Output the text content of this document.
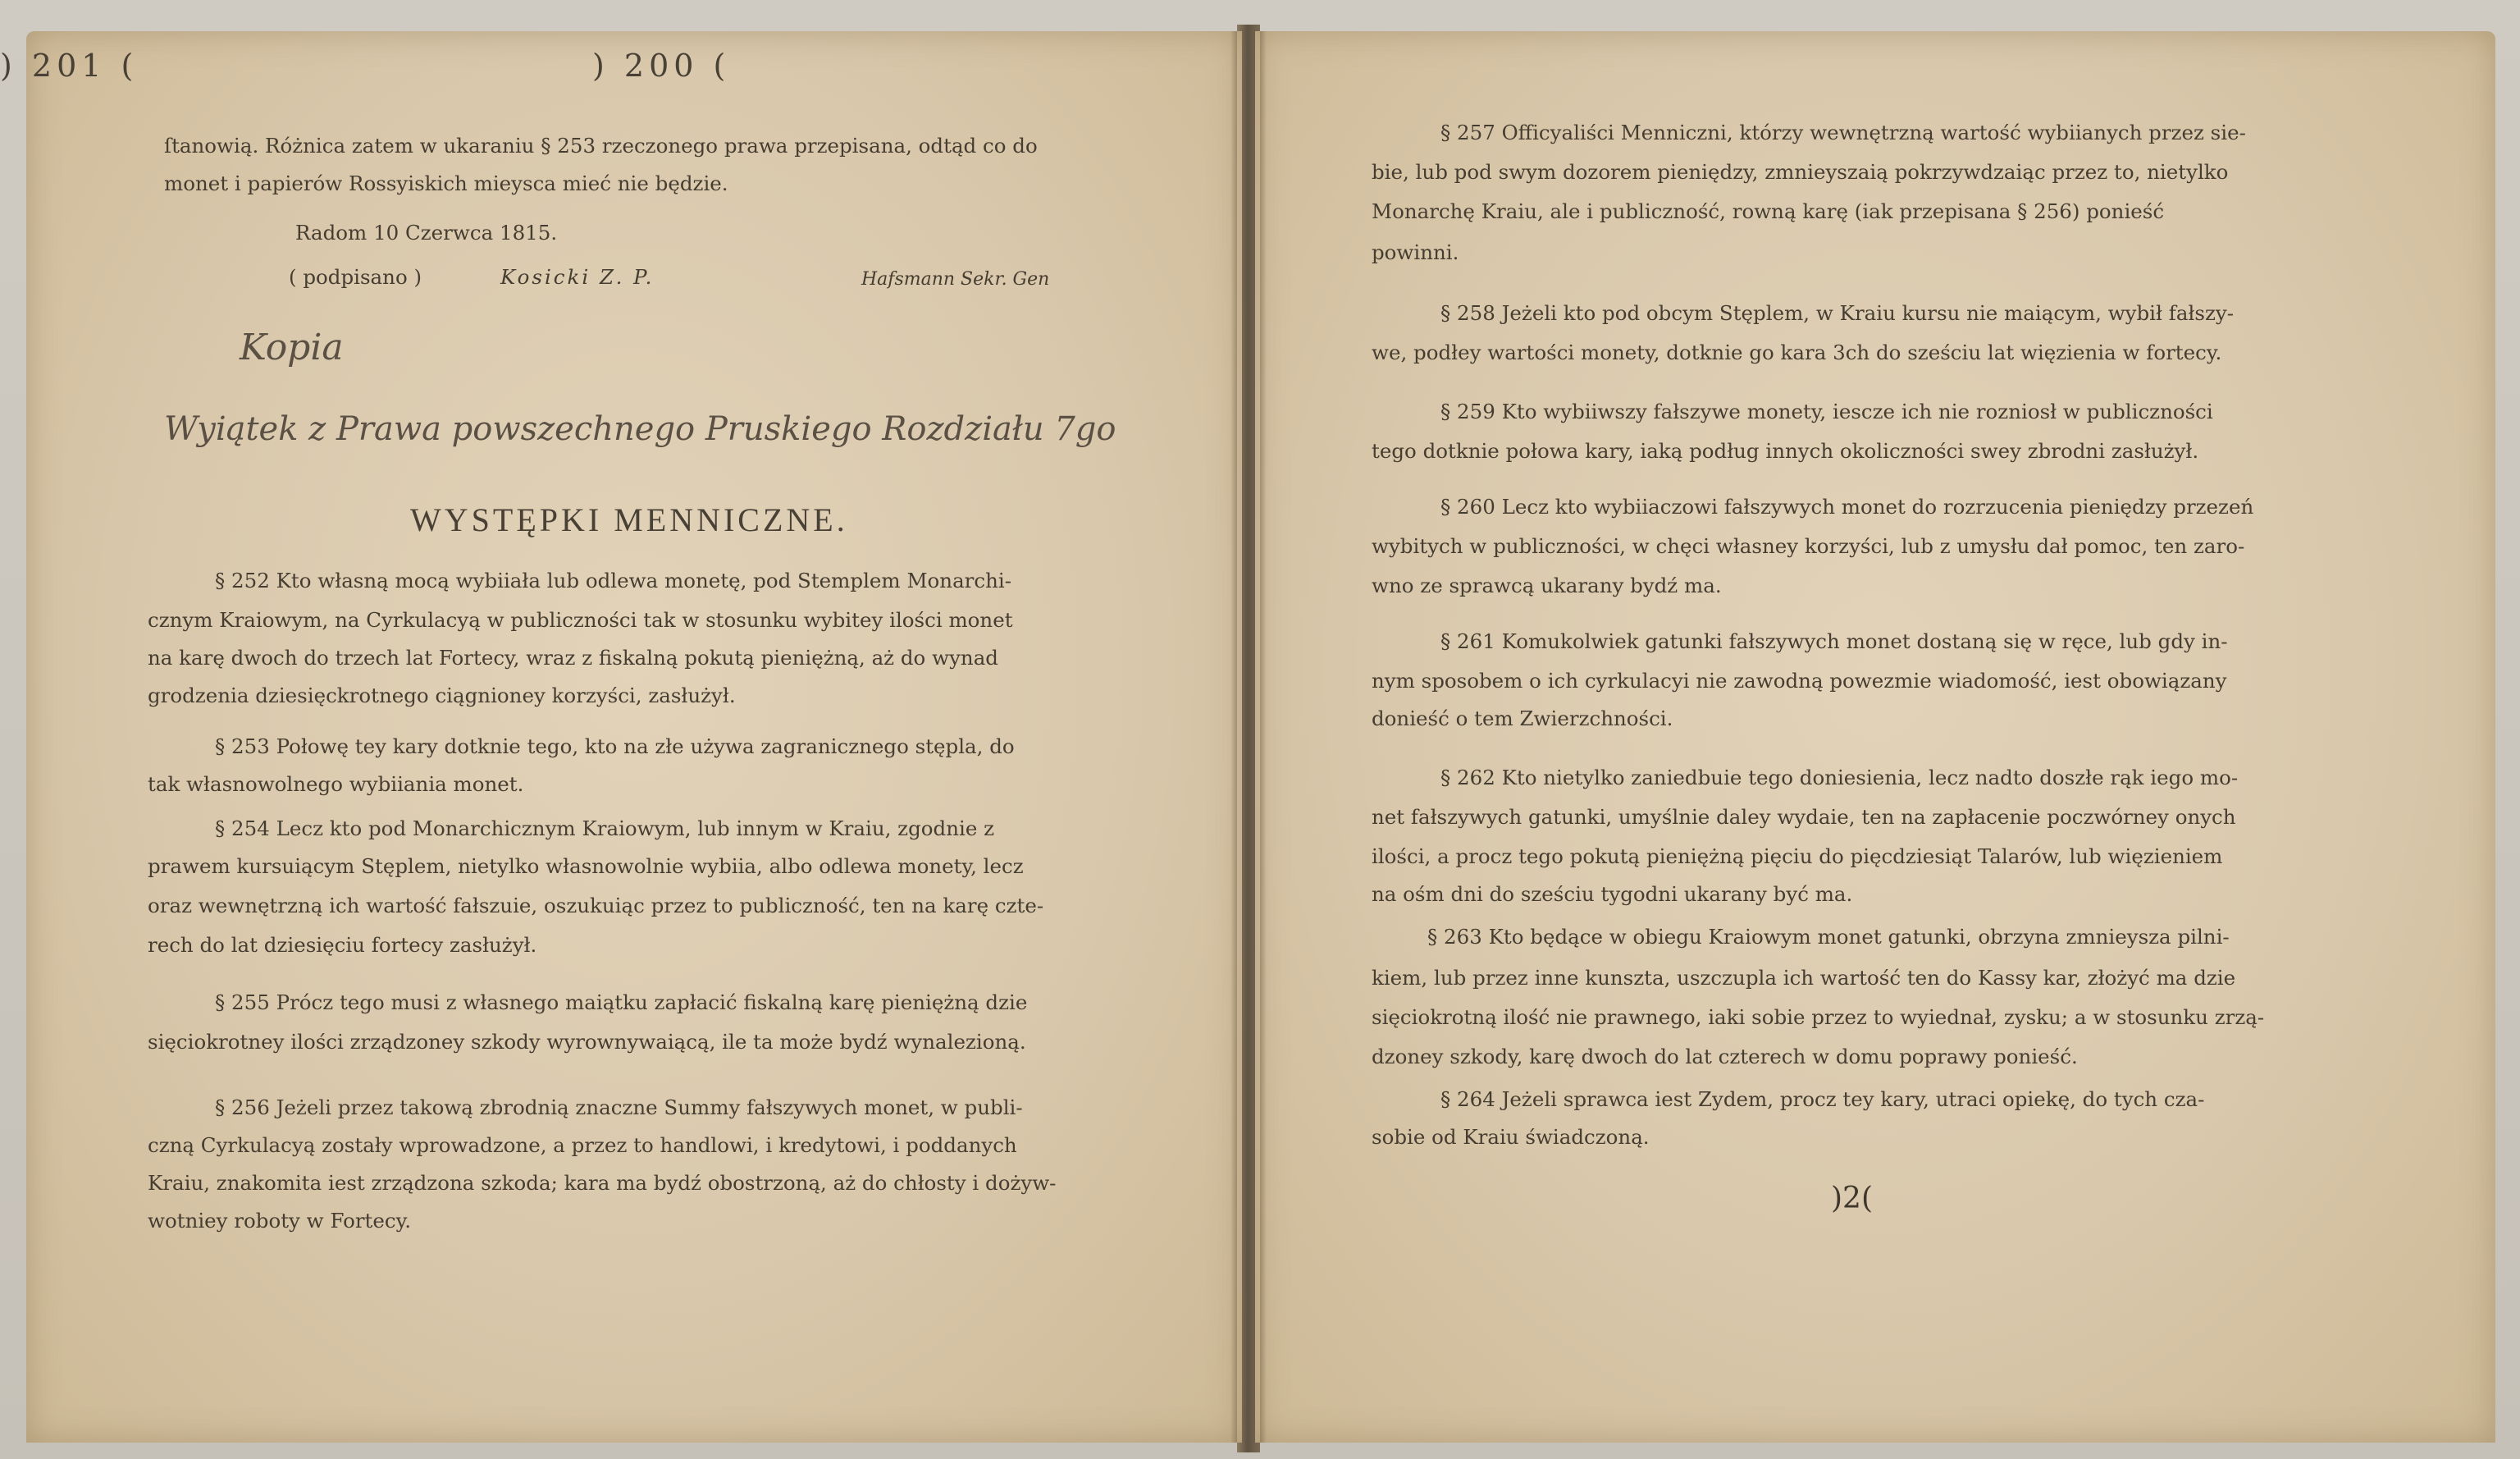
) 200 (
ſtanowią. Różnica zatem w ukaraniu § 253 rzeczonego prawa przepisana, odtąd co do
monet i papierów Rossyiskich mieysca mieć nie będzie.
Radom 10 Czerwca 1815.
( podpisano )	Kosicki Z. P.	Hafsmann Sekr. Gen
Kopia
Wyiątek z Prawa powszechnego Pruskiego Rozdziału 7go
WYSTĘPKI MENNICZNE.
§ 252 Kto własną mocą wybiiała lub odlewa monetę, pod Stemplem Monarchi-
cznym Kraiowym, na Cyrkulacyą w publiczności tak w stosunku wybitey ilości monet
na karę dwoch do trzech lat Fortecy, wraz z fiskalną pokutą pieniężną, aż do wynad
grodzenia dziesięckrotnego ciągnioney korzyści, zasłużył.
§ 253 Połowę tey kary dotknie tego, kto na złe używa zagranicznego stępla, do
tak własnowolnego wybiiania monet.
§ 254 Lecz kto pod Monarchicznym Kraiowym, lub innym w Kraiu, zgodnie z
prawem kursuiącym Stęplem, nietylko własnowolnie wybiia, albo odlewa monety, lecz
oraz wewnętrzną ich wartość fałszuie, oszukuiąc przez to publiczność, ten na karę czte-
rech do lat dziesięciu fortecy zasłużył.
§ 255 Prócz tego musi z własnego maiątku zapłacić fiskalną karę pieniężną dzie
sięciokrotney ilości zrządzoney szkody wyrownywaiącą, ile ta może bydź wynalezioną.
§ 256 Jeżeli przez takową zbrodnią znaczne Summy fałszywych monet, w publi-
czną Cyrkulacyą zostały wprowadzone, a przez to handlowi, i kredytowi, i poddanych
Kraiu, znakomita iest zrządzona szkoda; kara ma bydź obostrzoną, aż do chłosty i dożyw-
wotniey roboty w Fortecy.
) 201 (
§ 257 Officyaliści Menniczni, którzy wewnętrzną wartość wybiianych przez sie-
bie, lub pod swym dozorem pieniędzy, zmnieyszaią pokrzywdzaiąc przez to, nietylko
Monarchę Kraiu, ale i publiczność, rowną karę (iak przepisana § 256) ponieść
powinni.
§ 258 Jeżeli kto pod obcym Stęplem, w Kraiu kursu nie maiącym, wybił fałszy-
we, podłey wartości monety, dotknie go kara 3ch do sześciu lat więzienia w fortecy.
§ 259 Kto wybiiwszy fałszywe monety, iescze ich nie rozniosł w publiczności
tego dotknie połowa kary, iaką podług innych okoliczności swey zbrodni zasłużył.
§ 260 Lecz kto wybiiaczowi fałszywych monet do rozrzucenia pieniędzy przezeń
wybitych w publiczności, w chęci własney korzyści, lub z umysłu dał pomoc, ten zaro-
wno ze sprawcą ukarany bydź ma.
§ 261 Komukolwiek gatunki fałszywych monet dostaną się w ręce, lub gdy in-
nym sposobem o ich cyrkulacyi nie zawodną powezmie wiadomość, iest obowiązany
donieść o tem Zwierzchności.
§ 262 Kto nietylko zaniedbuie tego doniesienia, lecz nadto doszłe rąk iego mo-
net fałszywych gatunki, umyślnie daley wydaie, ten na zapłacenie poczwórney onych
ilości, a procz tego pokutą pieniężną pięciu do pięcdziesiąt Talarów, lub więzieniem
na ośm dni do sześciu tygodni ukarany być ma.
§ 263 Kto będące w obiegu Kraiowym monet gatunki, obrzyna zmnieysza pilni-
kiem, lub przez inne kunszta, uszczupla ich wartość ten do Kassy kar, złożyć ma dzie
sięciokrotną ilość nie prawnego, iaki sobie przez to wyiednał, zysku; a w stosunku zrzą-
dzoney szkody, karę dwoch do lat czterech w domu poprawy ponieść.
§ 264 Jeżeli sprawca iest Zydem, procz tey kary, utraci opiekę, do tych cza-
sobie od Kraiu świadczoną.
)2(
